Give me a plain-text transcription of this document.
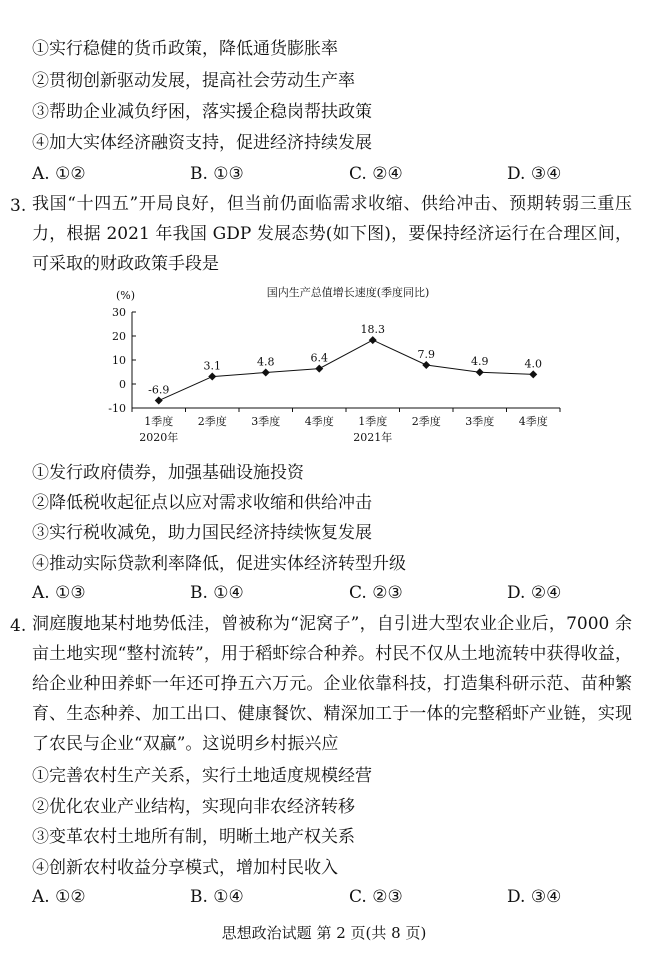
①实行稳健的货币政策，降低通货膨胀率
②贯彻创新驱动发展，提高社会劳动生产率
③帮助企业减负纾困，落实援企稳岗帮扶政策
④加大实体经济融资支持，促进经济持续发展
A. ①②	B. ①③	C. ②④	D. ③④
3. 我国“十四五”开局良好，但当前仍面临需求收缩、供给冲击、预期转弱三重压力，根据 2021 年我国 GDP 发展态势(如下图)，要保持经济运行在合理区间，可采取的财政政策手段是
国内生产总值增长速度(季度同比)
(%)
30
20
10
0
-10
1季度 2季度 3季度 4季度 1季度 2季度 3季度 4季度
2020年	2021年
-6.9
3.1	4.8	6.4
18.3
7.9
4.9	4.0
①发行政府债券，加强基础设施投资
②降低税收起征点以应对需求收缩和供给冲击
③实行税收减免，助力国民经济持续恢复发展
④推动实际贷款利率降低，促进实体经济转型升级
A. ①③	B. ①④	C. ②③	D. ②④
4. 洞庭腹地某村地势低洼，曾被称为“泥窝子”，自引进大型农业企业后，7000 余亩土地实现“整村流转”，用于稻虾综合种养。村民不仅从土地流转中获得收益，给企业种田养虾一年还可挣五六万元。企业依靠科技，打造集科研示范、苗种繁育、生态种养、加工出口、健康餐饮、精深加工于一体的完整稻虾产业链，实现了农民与企业“双赢”。这说明乡村振兴应
①完善农村生产关系，实行土地适度规模经营
②优化农业产业结构，实现向非农经济转移
③变革农村土地所有制，明晰土地产权关系
④创新农村收益分享模式，增加村民收入
A. ①②	B. ①④	C. ②③	D. ③④
思想政治试题 第 2 页(共 8 页)
